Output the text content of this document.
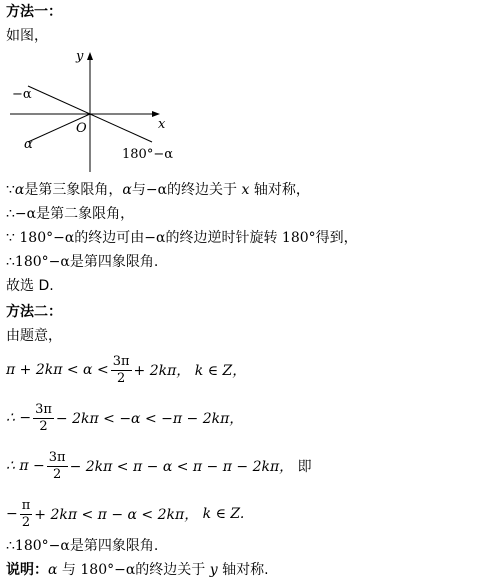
方法一：
如图，
y
x
O
−α
α
180°−α
∵α是第三象限角，α与−α的终边关于 x 轴对称，
∴−α是第二象限角，
∵ 180°−α的终边可由−α的终边逆时针旋转 180°得到，
∴180°−α是第四象限角.
故选 D.
方法二：
由题意，
$\pi + 2k\pi < \alpha < \frac{3\pi}{2} + 2k\pi$，
k ∈ Z，
∴ − $\frac{3\pi}{2} - 2k\pi < -\alpha < -\pi - 2k\pi$，
∴ $\pi - \frac{3\pi}{2} - 2k\pi < \pi - \alpha < \pi - \pi - 2k\pi$，
即
− $\frac{\pi}{2} + 2k\pi < \pi - \alpha < 2k\pi$，
k ∈ Z.
∴180°−α是第四象限角.
说明：α 与 180°−α的终边关于 y 轴对称.
